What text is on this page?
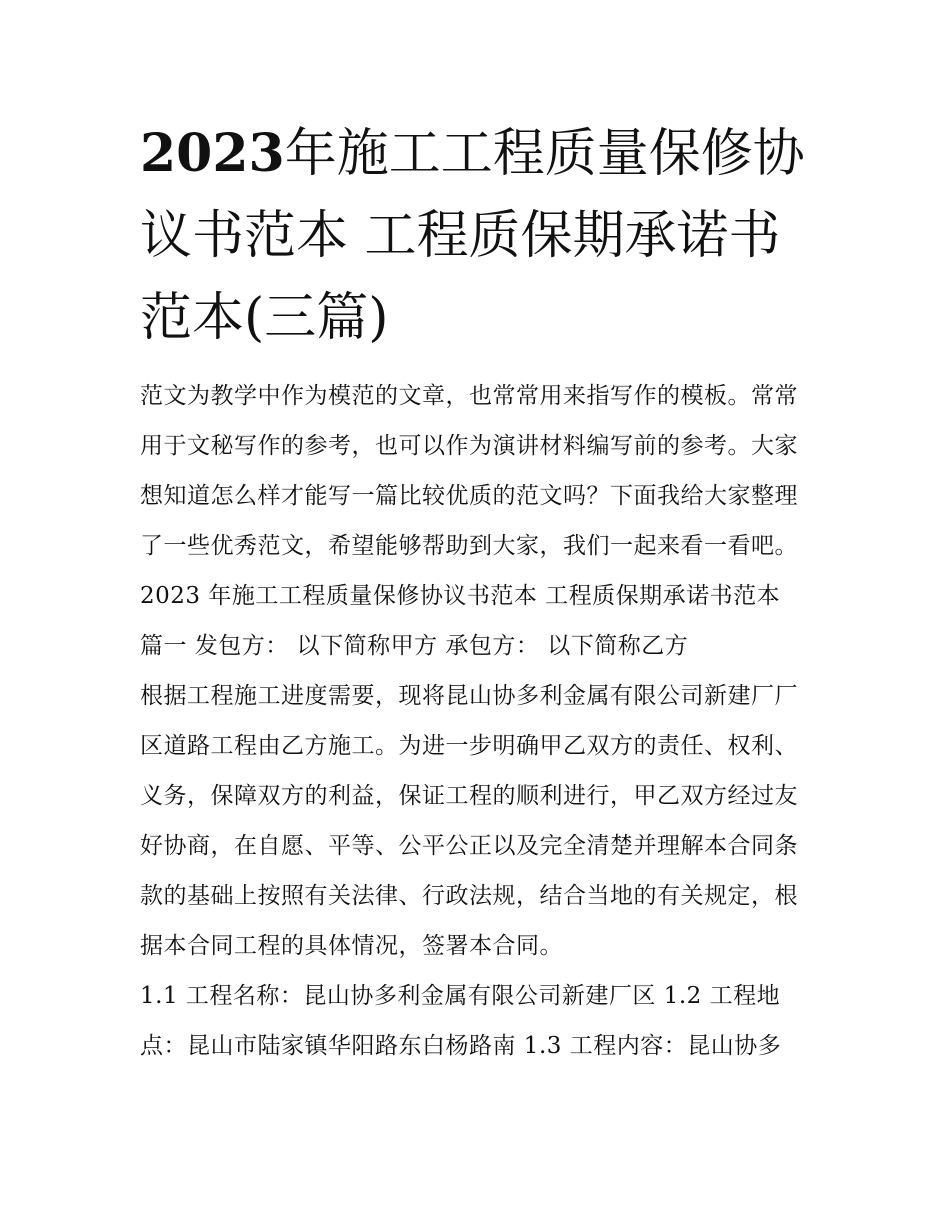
2023年施工工程质量保修协议书范本 工程质保期承诺书范本(三篇)

范文为教学中作为模范的文章，也常常用来指写作的模板。常常用于文秘写作的参考，也可以作为演讲材料编写前的参考。大家想知道怎么样才能写一篇比较优质的范文吗？下面我给大家整理了一些优秀范文，希望能够帮助到大家，我们一起来看一看吧。

2023 年施工工程质量保修协议书范本 工程质保期承诺书范本
篇一 发包方： 以下简称甲方 承包方： 以下简称乙方

根据工程施工进度需要，现将昆山协多利金属有限公司新建厂厂区道路工程由乙方施工。为进一步明确甲乙双方的责任、权利、义务，保障双方的利益，保证工程的顺利进行，甲乙双方经过友好协商，在自愿、平等、公平公正以及完全清楚并理解本合同条款的基础上按照有关法律、行政法规，结合当地的有关规定，根据本合同工程的具体情况，签署本合同。

1.1 工程名称：昆山协多利金属有限公司新建厂区 1.2 工程地
点：昆山市陆家镇华阳路东白杨路南 1.3 工程内容：昆山协多
